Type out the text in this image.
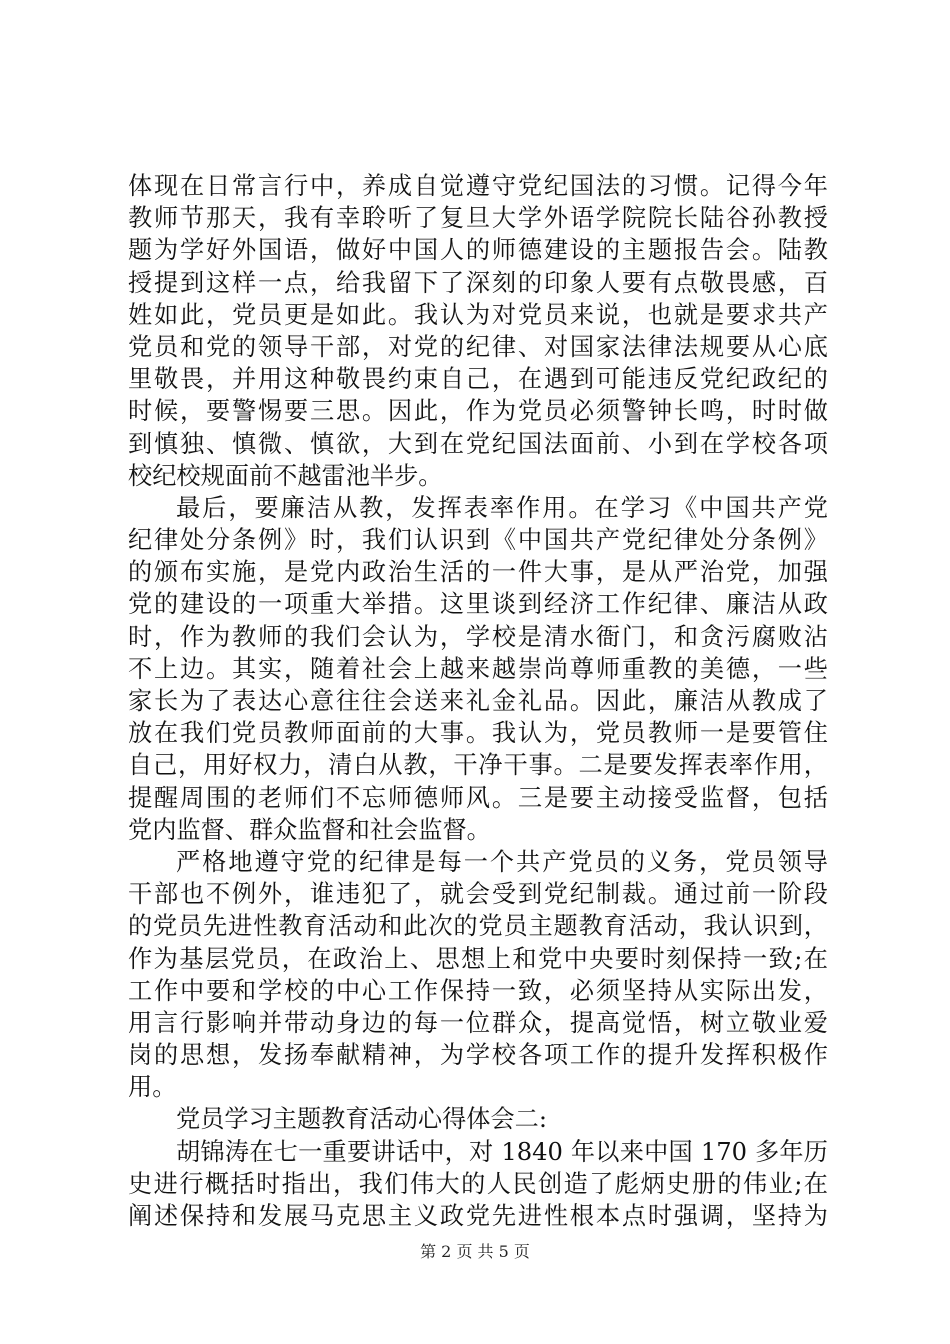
体现在日常言行中，养成自觉遵守党纪国法的习惯。记得今年
教师节那天，我有幸聆听了复旦大学外语学院院长陆谷孙教授
题为学好外国语，做好中国人的师德建设的主题报告会。陆教
授提到这样一点，给我留下了深刻的印象人要有点敬畏感，百
姓如此，党员更是如此。我认为对党员来说，也就是要求共产
党员和党的领导干部，对党的纪律、对国家法律法规要从心底
里敬畏，并用这种敬畏约束自己，在遇到可能违反党纪政纪的
时候，要警惕要三思。因此，作为党员必须警钟长鸣，时时做
到慎独、慎微、慎欲，大到在党纪国法面前、小到在学校各项
校纪校规面前不越雷池半步。
最后，要廉洁从教，发挥表率作用。在学习《中国共产党
纪律处分条例》时，我们认识到《中国共产党纪律处分条例》
的颁布实施，是党内政治生活的一件大事，是从严治党，加强
党的建设的一项重大举措。这里谈到经济工作纪律、廉洁从政
时，作为教师的我们会认为，学校是清水衙门，和贪污腐败沾
不上边。其实，随着社会上越来越崇尚尊师重教的美德，一些
家长为了表达心意往往会送来礼金礼品。因此，廉洁从教成了
放在我们党员教师面前的大事。我认为，党员教师一是要管住
自己，用好权力，清白从教，干净干事。二是要发挥表率作用，
提醒周围的老师们不忘师德师风。三是要主动接受监督，包括
党内监督、群众监督和社会监督。
严格地遵守党的纪律是每一个共产党员的义务，党员领导
干部也不例外，谁违犯了，就会受到党纪制裁。通过前一阶段
的党员先进性教育活动和此次的党员主题教育活动，我认识到，
作为基层党员，在政治上、思想上和党中央要时刻保持一致;在
工作中要和学校的中心工作保持一致，必须坚持从实际出发，
用言行影响并带动身边的每一位群众，提高觉悟，树立敬业爱
岗的思想，发扬奉献精神，为学校各项工作的提升发挥积极作
用。
党员学习主题教育活动心得体会二:
胡锦涛在七一重要讲话中，对 1840 年以来中国 170 多年历
史进行概括时指出，我们伟大的人民创造了彪炳史册的伟业;在
阐述保持和发展马克思主义政党先进性根本点时强调，坚持为
第 2 页 共 5 页
